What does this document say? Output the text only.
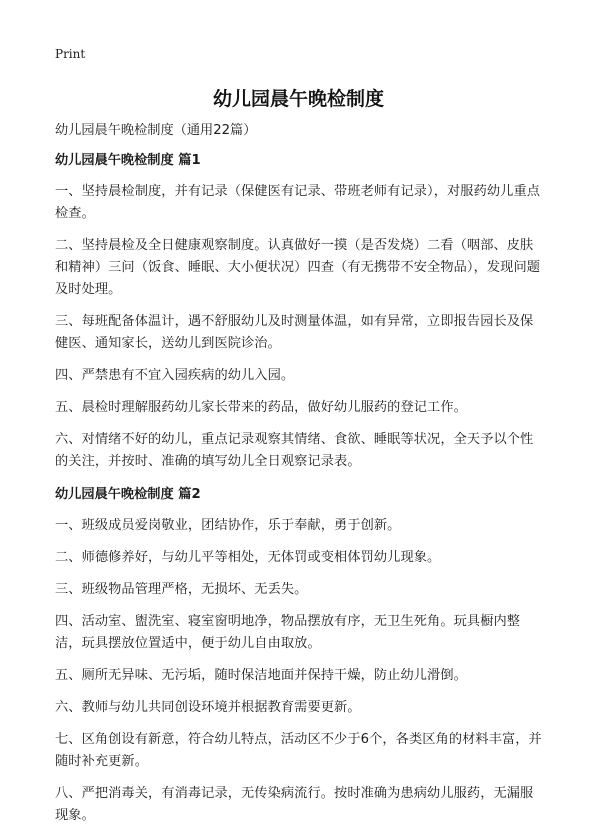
Print
幼儿园晨午晚检制度
幼儿园晨午晚检制度（通用22篇）
幼儿园晨午晚检制度 篇1

一、坚持晨检制度，并有记录（保健医有记录、带班老师有记录），对服药幼儿重点检查。

二、坚持晨检及全日健康观察制度。认真做好一摸（是否发烧）二看（咽部、皮肤和精神）三问（饭食、睡眠、大小便状况）四查（有无携带不安全物品），发现问题及时处理。

三、每班配备体温计，遇不舒服幼儿及时测量体温，如有异常，立即报告园长及保健医、通知家长，送幼儿到医院诊治。

四、严禁患有不宜入园疾病的幼儿入园。

五、晨检时理解服药幼儿家长带来的药品，做好幼儿服药的登记工作。

六、对情绪不好的幼儿，重点记录观察其情绪、食欲、睡眠等状况，全天予以个性的关注，并按时、准确的填写幼儿全日观察记录表。

幼儿园晨午晚检制度 篇2

一、班级成员爱岗敬业，团结协作，乐于奉献，勇于创新。

二、师德修养好，与幼儿平等相处，无体罚或变相体罚幼儿现象。

三、班级物品管理严格，无损坏、无丢失。

四、活动室、盥洗室、寝室窗明地净，物品摆放有序，无卫生死角。玩具橱内整洁，玩具摆放位置适中，便于幼儿自由取放。

五、厕所无异味、无污垢，随时保洁地面并保持干燥，防止幼儿滑倒。

六、教师与幼儿共同创设环境并根据教育需要更新。

七、区角创设有新意，符合幼儿特点，活动区不少于6个，各类区角的材料丰富，并随时补充更新。

八、严把消毒关，有消毒记录，无传染病流行。按时准确为患病幼儿服药，无漏服现象。
